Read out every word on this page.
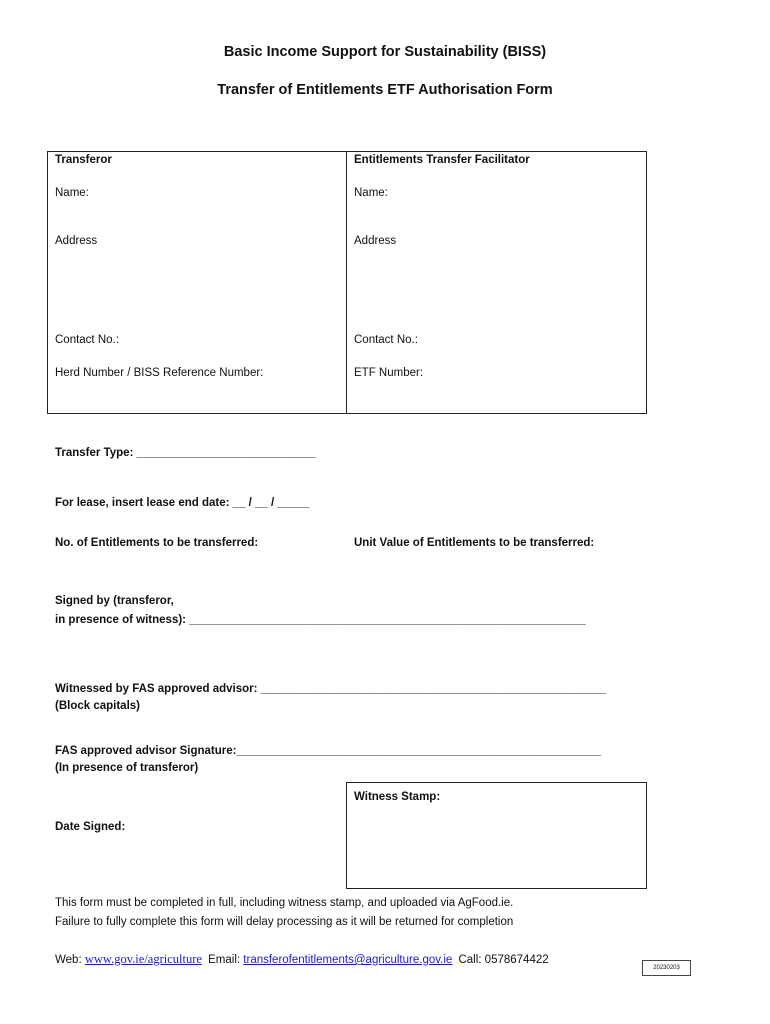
Basic Income Support for Sustainability (BISS)
Transfer of Entitlements ETF Authorisation Form
Transferor
Name:
Address
Contact No.:
Herd Number / BISS Reference Number:
Entitlements Transfer Facilitator
Name:
Address
Contact No.:
ETF Number:
Transfer Type: ____________________________
For lease, insert lease end date: __ / __ / _____
No. of Entitlements to be transferred:	Unit Value of Entitlements to be transferred:
Signed by (transferor,
in presence of witness): ______________________________________________________________
Witnessed by FAS approved advisor: ______________________________________________________
(Block capitals)
FAS approved advisor Signature:_________________________________________________________
(In presence of transferor)
Date Signed:
Witness Stamp:
This form must be completed in full, including witness stamp, and uploaded via AgFood.ie.
Failure to fully complete this form will delay processing as it will be returned for completion
Web: www.gov.ie/agriculture Email: transferofentitlements@agriculture.gov.ie Call: 0578674422
20230203
